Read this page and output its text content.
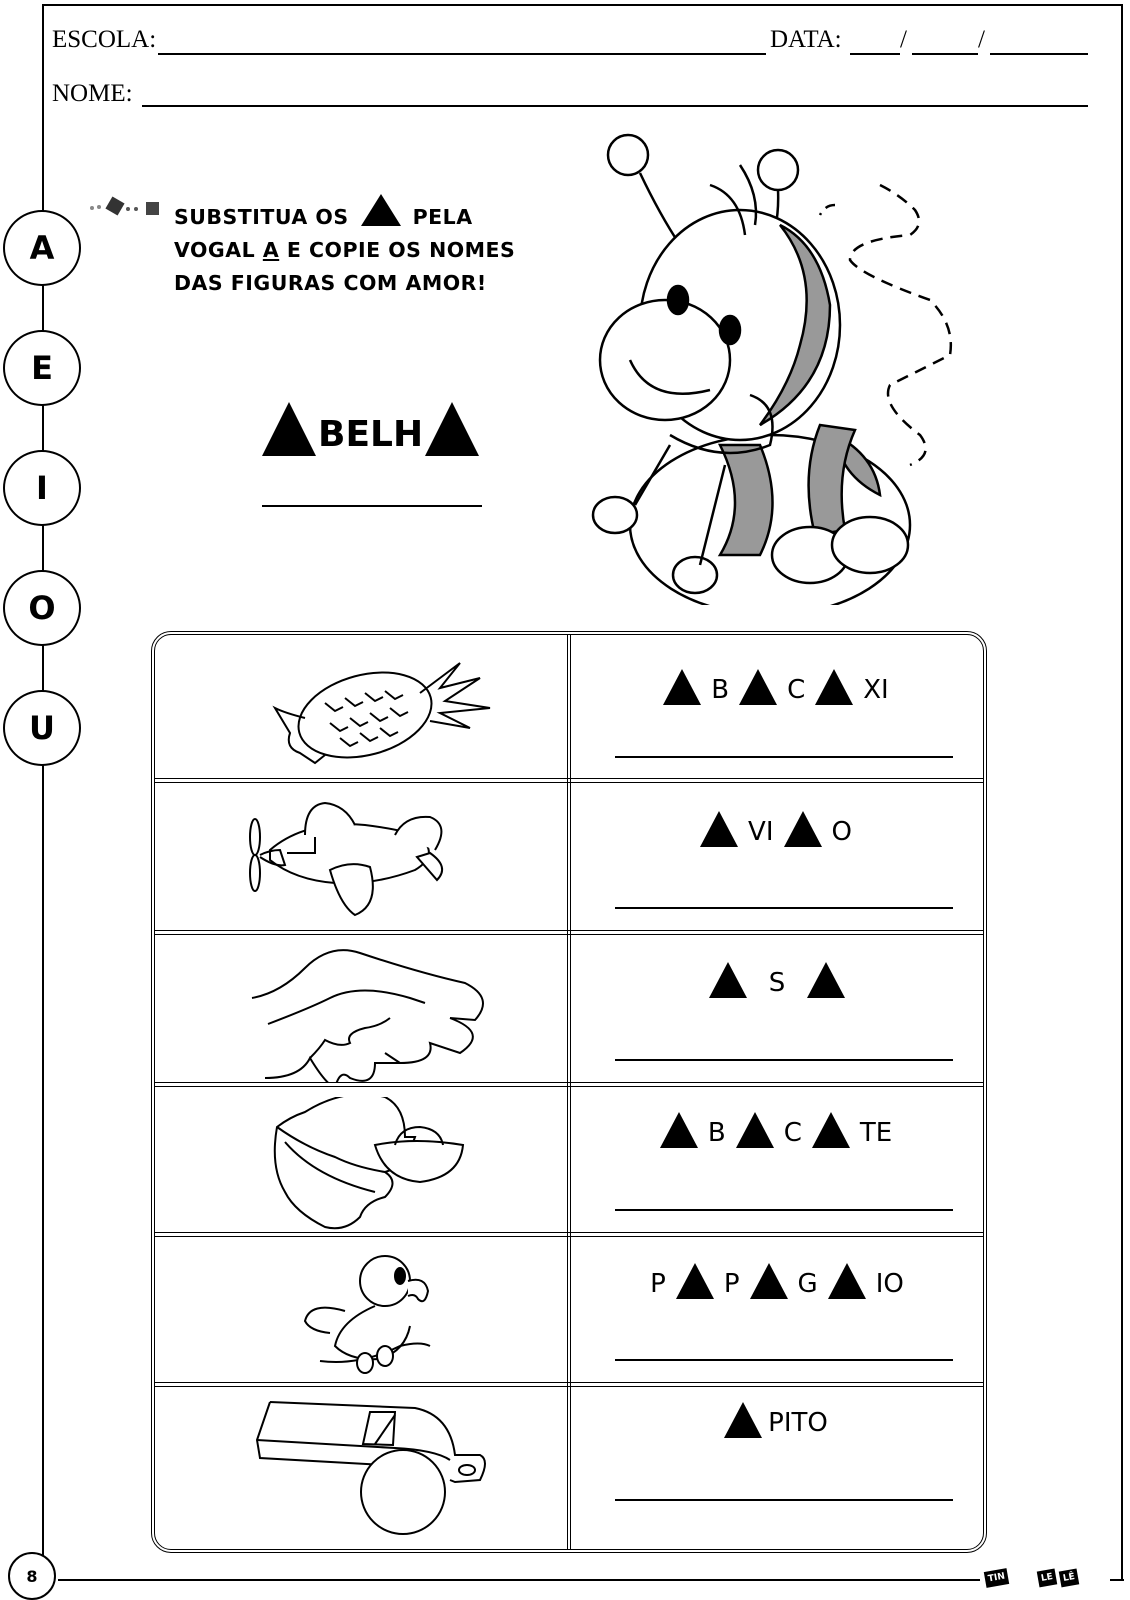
ESCOLA:	DATA: /	/
NOME:
A
E
I
O
U
SUBSTITUA OS	PELA
VOGAL A E COPIE OS NOMES
DAS FIGURAS COM AMOR!
BELH
B C XI
VI O
S
B C TE
P P G IO
PITO
8	TIN	LE LÊ
